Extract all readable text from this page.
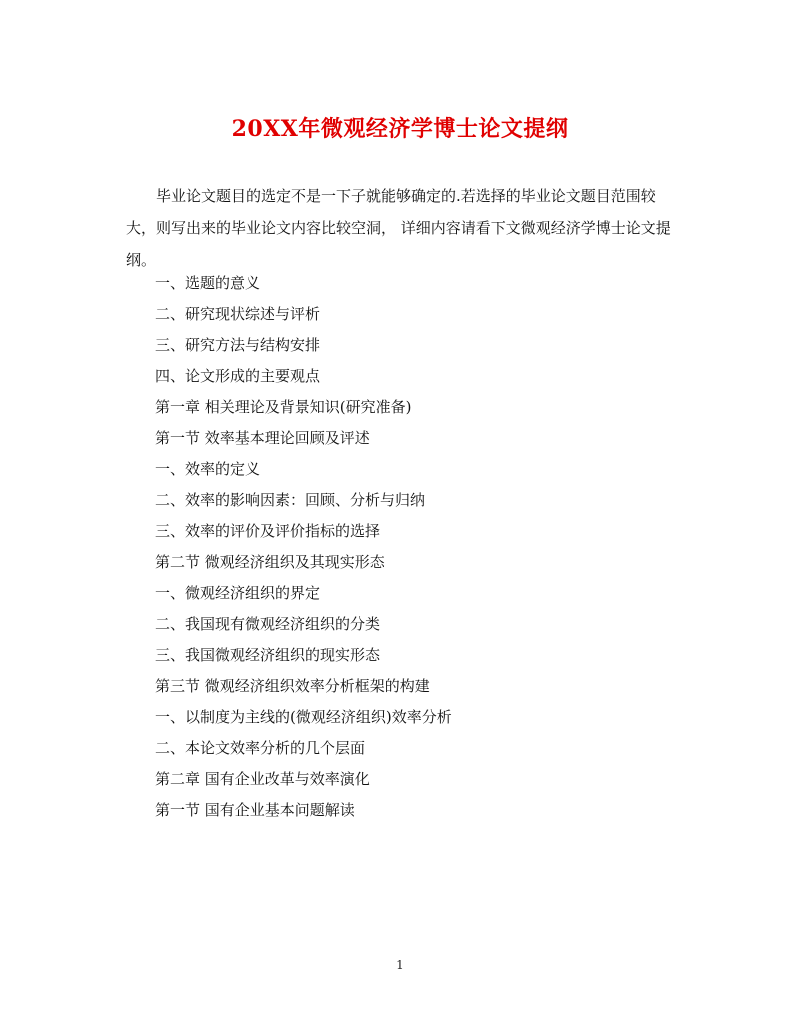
20XX年微观经济学博士论文提纲

毕业论文题目的选定不是一下子就能够确定的.若选择的毕业论文题目范围较大，则写出来的毕业论文内容比较空洞， 详细内容请看下文微观经济学博士论文提纲。

一、选题的意义
二、研究现状综述与评析
三、研究方法与结构安排
四、论文形成的主要观点
第一章 相关理论及背景知识(研究准备)
第一节 效率基本理论回顾及评述
一、效率的定义
二、效率的影响因素：回顾、分析与归纳
三、效率的评价及评价指标的选择
第二节 微观经济组织及其现实形态
一、微观经济组织的界定
二、我国现有微观经济组织的分类
三、我国微观经济组织的现实形态
第三节 微观经济组织效率分析框架的构建
一、以制度为主线的(微观经济组织)效率分析
二、本论文效率分析的几个层面
第二章 国有企业改革与效率演化
第一节 国有企业基本问题解读
1
